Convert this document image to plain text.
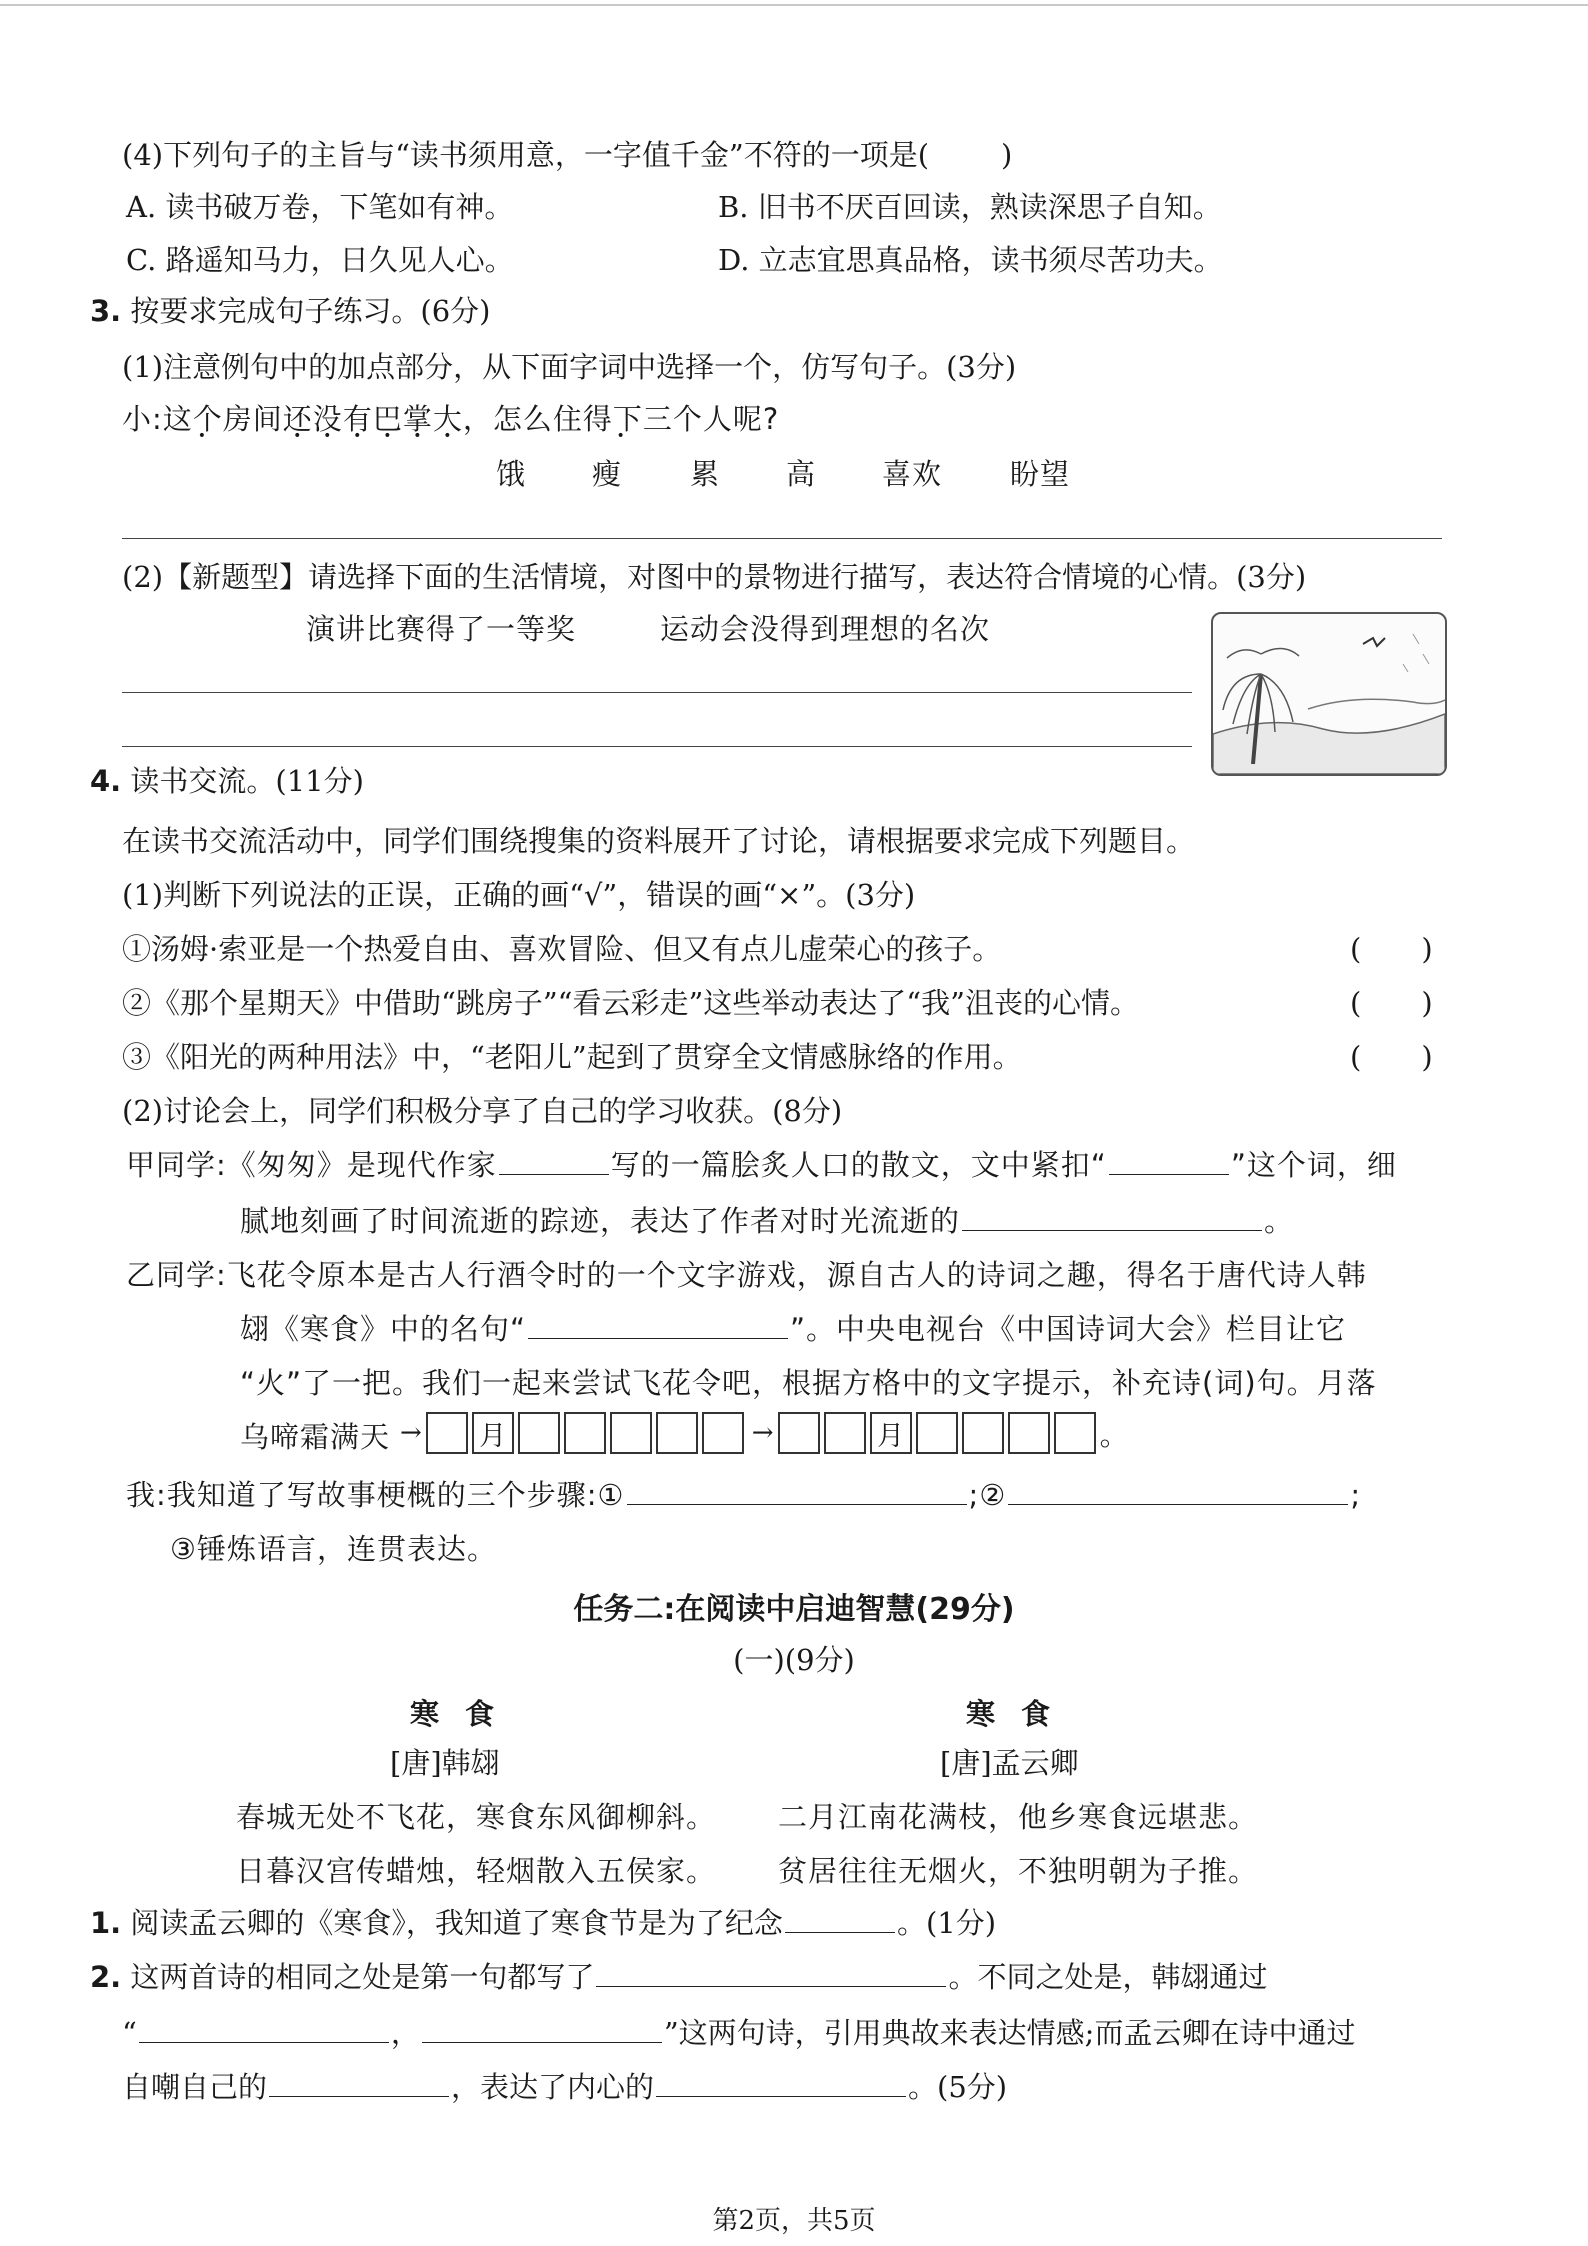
(4)下列句子的主旨与“读书须用意，一字值千金”不符的一项是( )
A. 读书破万卷，下笔如有神。	B. 旧书不厌百回读，熟读深思子自知。
C. 路遥知马力，日久见人心。	D. 立志宜思真品格，读书须尽苦功夫。
3. 按要求完成句子练习。(6分)
(1)注意例句中的加点部分，从下面字词中选择一个，仿写句子。(3分)
小:这个房间 •还没有巴掌大，怎么住得下三个人呢? •
饿 瘦 累 高 喜欢 盼望
(2)【新题型】请选择下面的生活情境，对图中的景物进行描写，表达符合情境的心情。(3分)
演讲比赛得了一等奖	运动会没得到理想的名次
4. 读书交流。(11分)
在读书交流活动中，同学们围绕搜集的资料展开了讨论，请根据要求完成下列题目。
(1)判断下列说法的正误，正确的画“√”，错误的画“×”。(3分)
①汤姆·索亚是一个热爱自由、喜欢冒险、但又有点儿虚荣心的孩子。	( )
②《那个星期天》中借助“跳房子”“看云彩走”这些举动表达了“我”沮丧的心情。	( )
③《阳光的两种用法》中，“老阳儿”起到了贯穿全文情感脉络的作用。	( )
(2)讨论会上，同学们积极分享了自己的学习收获。(8分)
甲同学:《匆匆》是现代作家	写的一篇脍炙人口的散文，文中紧扣“	”这个词，细
腻地刻画了时间流逝的踪迹，表达了作者对时光流逝的	。
乙同学:飞花令原本是古人行酒令时的一个文字游戏，源自古人的诗词之趣，得名于唐代诗人韩
翃《寒食》中的名句“	”。中央电视台《中国诗词大会》栏目让它
“火”了一把。我们一起来尝试飞花令吧，根据方格中的文字提示，补充诗(词)句。月落
乌啼霜满天 → 月	→	月	。
我:我知道了写故事梗概的三个步骤:①	;②	;
③锤炼语言，连贯表达。
任务二:在阅读中启迪智慧(29分)
(一)(9分)
寒食	寒食
[唐]韩翃	[唐]孟云卿
春城无处不飞花，寒食东风御柳斜。 二月江南花满枝，他乡寒食远堪悲。
日暮汉宫传蜡烛，轻烟散入五侯家。 贫居往往无烟火，不独明朝为子推。
1. 阅读孟云卿的《寒食》，我知道了寒食节是为了纪念	。(1分)
2. 这两首诗的相同之处是第一句都写了	。不同之处是，韩翃通过
“	，	”这两句诗，引用典故来表达情感;而孟云卿在诗中通过
自嘲自己的	，表达了内心的	。(5分)
第2页，共5页
